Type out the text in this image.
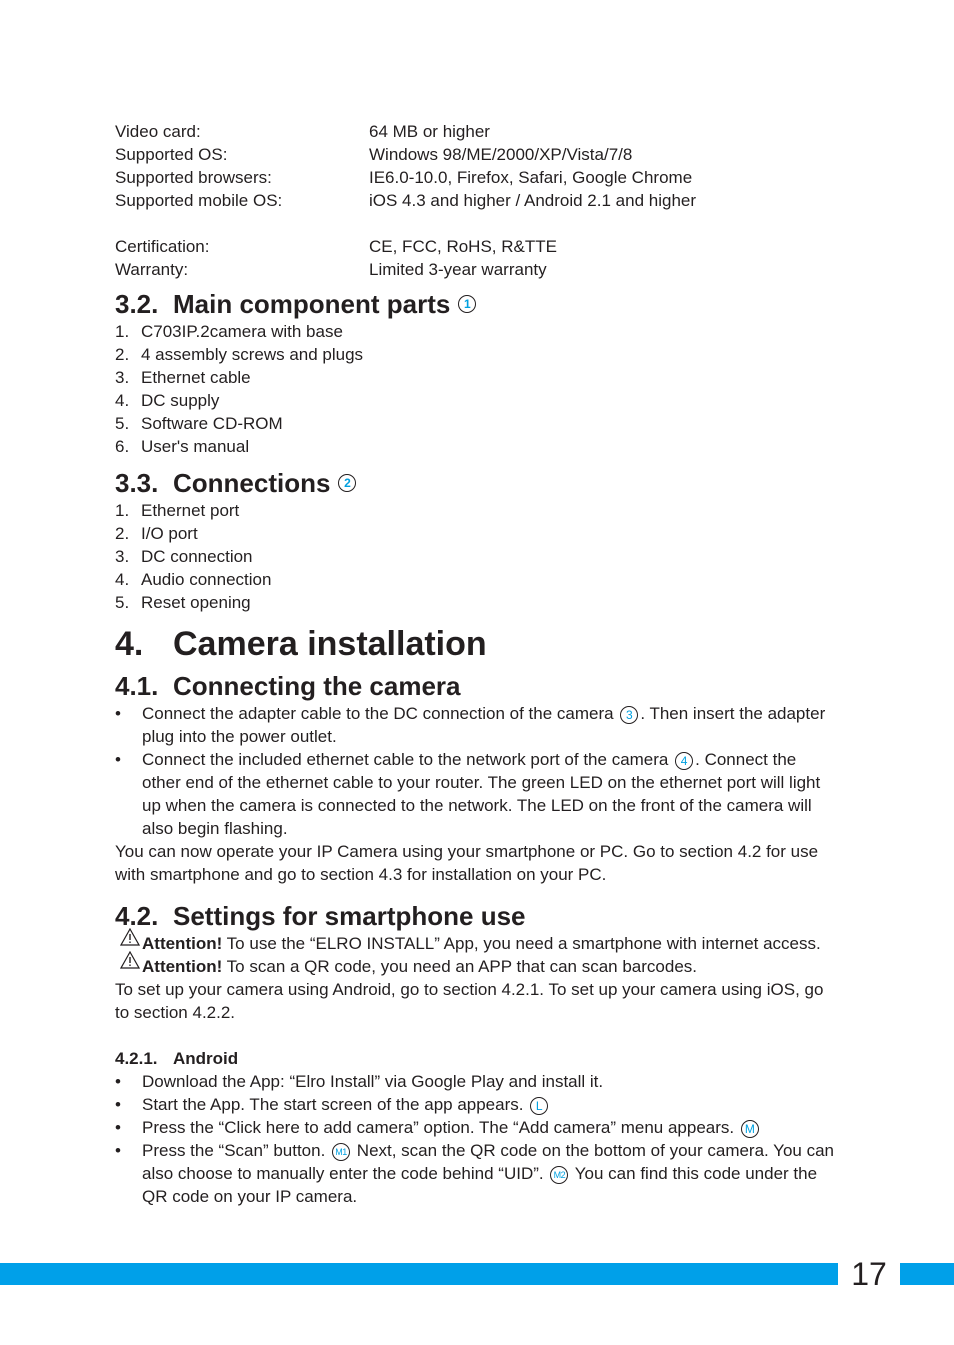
Video card:	64 MB or higher
Supported OS:	Windows 98/ME/2000/XP/Vista/7/8
Supported browsers:	IE6.0-10.0, Firefox, Safari, Google Chrome
Supported mobile OS:	iOS 4.3 and higher / Android 2.1 and higher
Certification:	CE, FCC, RoHS, R&TTE
Warranty:	Limited 3-year warranty
3.2. Main component parts	1
1. C703IP.2camera with base
2. 4 assembly screws and plugs
3. Ethernet cable
4. DC supply
5. Software CD-ROM
6. User's manual
3.3. Connections	2
1. Ethernet port
2. I/O port
3. DC connection
4. Audio connection
5. Reset opening
4. Camera installation
4.1. Connecting the camera
• Connect the adapter cable to the DC connection of the camera 3 . Then insert the adapter plug into the power outlet.
• Connect the included ethernet cable to the network port of the camera 4 . Connect the other end of the ethernet cable to your router. The green LED on the ethernet port will light up when the camera is connected to the network. The LED on the front of the camera will also begin flashing.

You can now operate your IP Camera using your smartphone or PC. Go to section 4.2 for use with smartphone and go to section 4.3 for installation on your PC.

4.2. Settings for smartphone use
Attention! To use the “ELRO INSTALL” App, you need a smartphone with internet access.
Attention! To scan a QR code, you need an APP that can scan barcodes.

To set up your camera using Android, go to section 4.2.1. To set up your camera using iOS, go to section 4.2.2.

4.2.1. Android
• Download the App: “Elro Install” via Google Play and install it.
• Start the App. The start screen of the app appears. L
• Press the “Click here to add camera” option. The “Add camera” menu appears. M
• Press the “Scan” button. M1 Next, scan the QR code on the bottom of your camera. You can also choose to manually enter the code behind “UID”. M2 You can find this code under the QR code on your IP camera.
17
